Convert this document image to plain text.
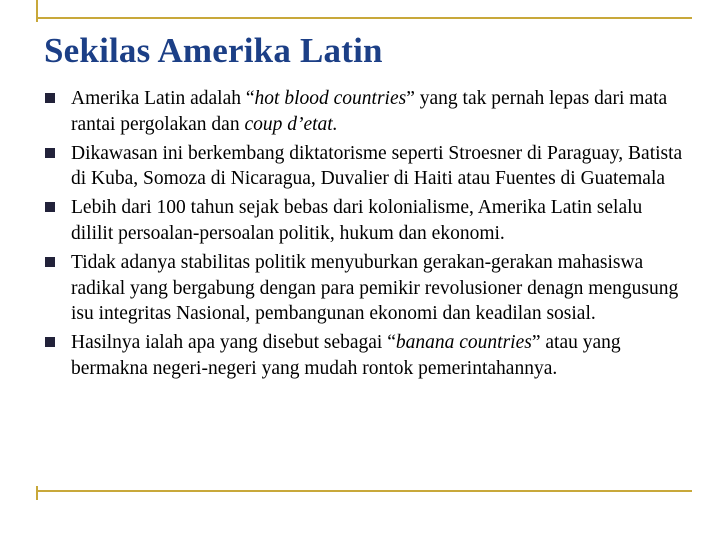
Sekilas Amerika Latin
Amerika Latin adalah “hot blood countries” yang tak pernah lepas dari mata rantai pergolakan dan coup d’etat.
Dikawasan ini berkembang diktatorisme seperti Stroesner di Paraguay, Batista di Kuba, Somoza di Nicaragua, Duvalier di Haiti atau Fuentes di Guatemala
Lebih dari 100 tahun sejak bebas dari kolonialisme, Amerika Latin selalu dililit persoalan-persoalan politik, hukum dan ekonomi.
Tidak adanya stabilitas politik menyuburkan gerakan-gerakan mahasiswa radikal yang bergabung dengan para pemikir revolusioner denagn mengusung isu integritas Nasional, pembangunan ekonomi dan keadilan sosial.
Hasilnya ialah apa yang disebut sebagai “banana countries” atau yang bermakna negeri-negeri yang mudah rontok pemerintahannya.
